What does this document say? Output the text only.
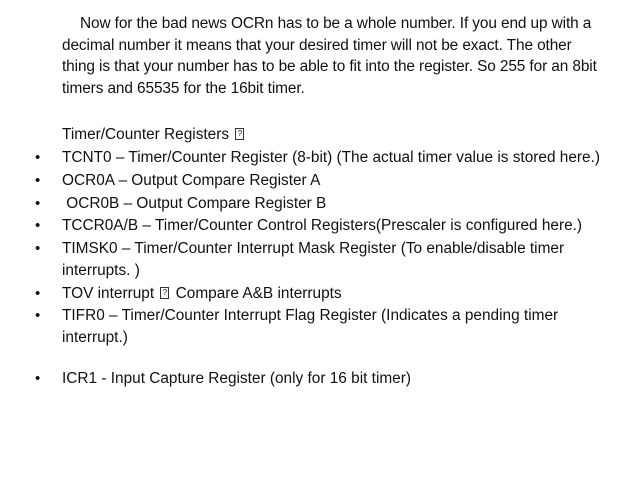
Now for the bad news OCRn has to be a whole number. If you end up with a decimal number it means that your desired timer will not be exact. The other thing is that your number has to be able to fit into the register. So 255 for an 8bit timers and 65535 for the 16bit timer.
Timer/Counter Registers ?
•	TCNT0 – Timer/Counter Register (8-bit) (The actual timer value is stored here.)
•	OCR0A – Output Compare Register A
•	OCR0B – Output Compare Register B
•	TCCR0A/B – Timer/Counter Control Registers(Prescaler is configured here.)
•	TIMSK0 – Timer/Counter Interrupt Mask Register (To enable/disable timer interrupts. )
•	TOV interrupt ? Compare A&B interrupts
•	TIFR0 – Timer/Counter Interrupt Flag Register (Indicates a pending timer interrupt.)
•	ICR1 - Input Capture Register (only for 16 bit timer)
